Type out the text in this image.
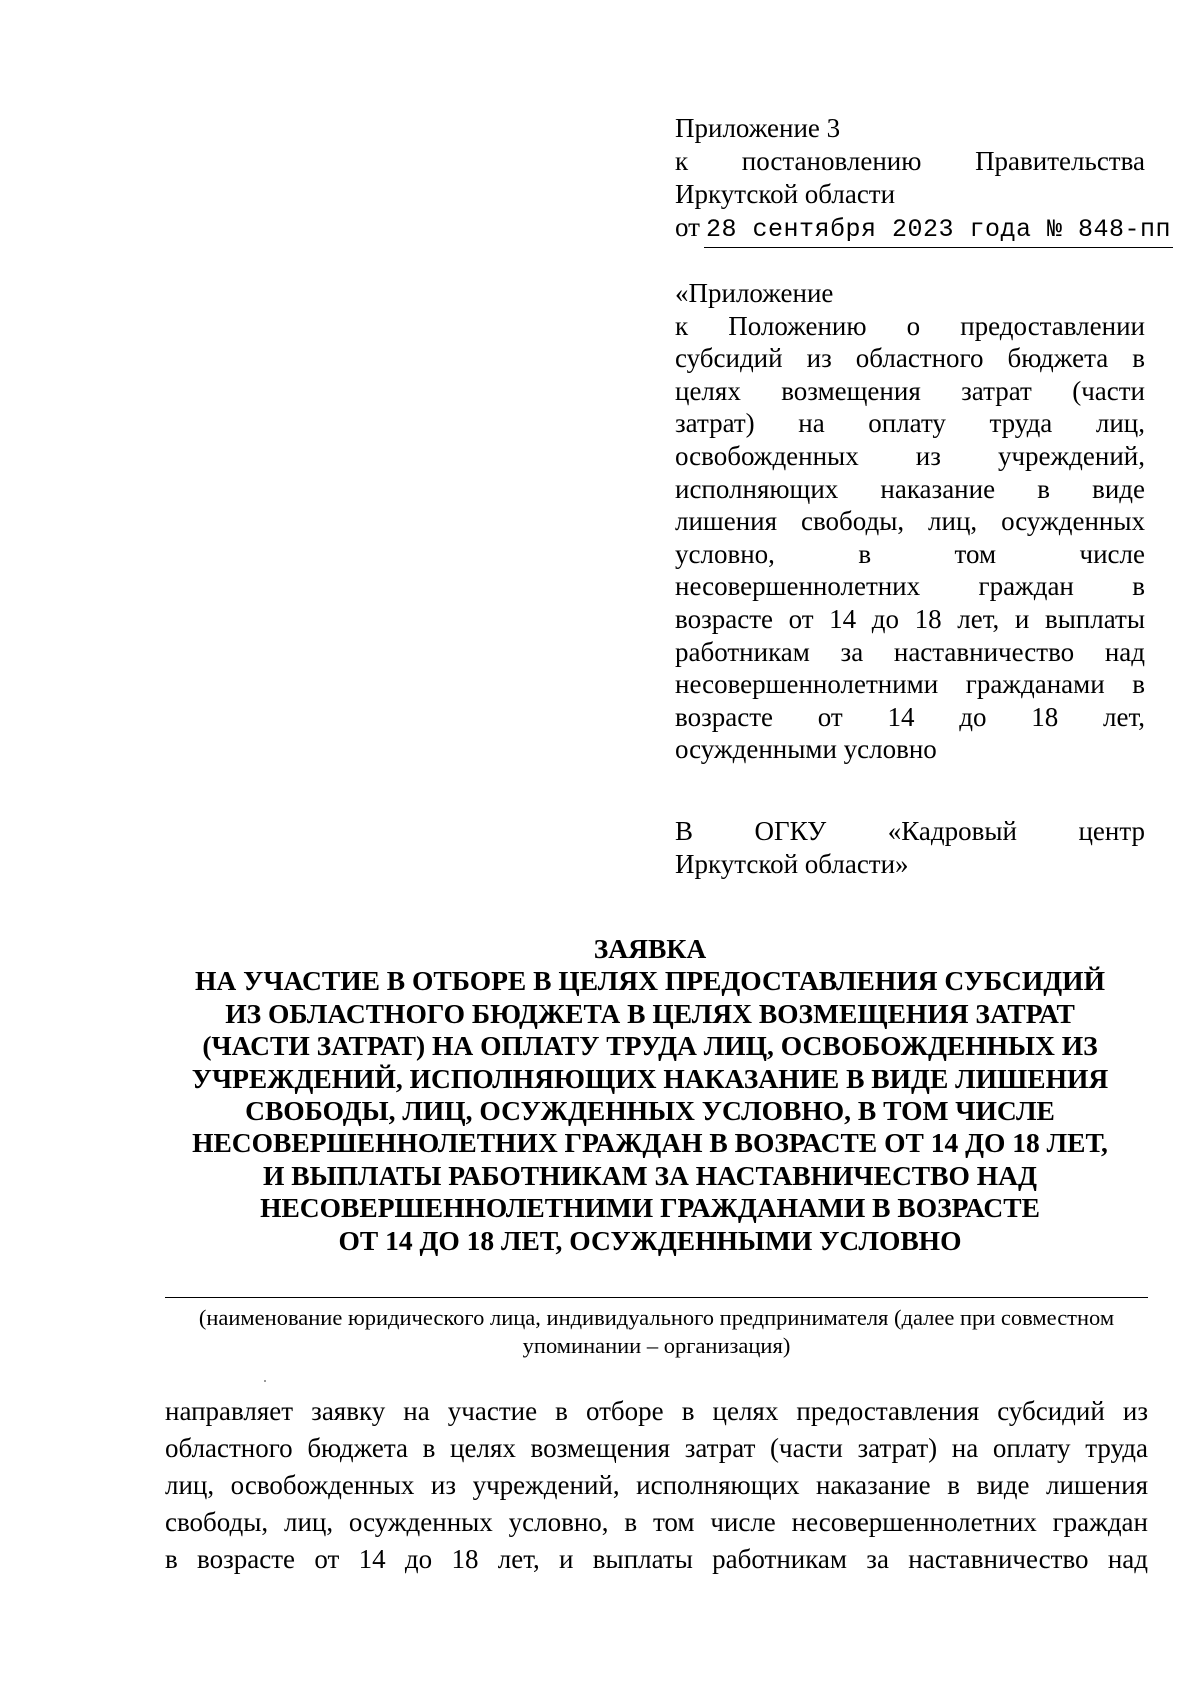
Приложение 3
к постановлению Правительства
Иркутской области
от 28 сентября 2023 года № 848-пп
«Приложение
к Положению о предоставлении
субсидий из областного бюджета в
целях возмещения затрат (части
затрат) на оплату труда лиц,
освобожденных из учреждений,
исполняющих наказание в виде
лишения свободы, лиц, осужденных
условно, в том числе
несовершеннолетних граждан в
возрасте от 14 до 18 лет, и выплаты
работникам за наставничество над
несовершеннолетними гражданами в
возрасте от 14 до 18 лет,
осужденными условно
В ОГКУ «Кадровый центр
Иркутской области»
ЗАЯВКА
НА УЧАСТИЕ В ОТБОРЕ В ЦЕЛЯХ ПРЕДОСТАВЛЕНИЯ СУБСИДИЙ
ИЗ ОБЛАСТНОГО БЮДЖЕТА В ЦЕЛЯХ ВОЗМЕЩЕНИЯ ЗАТРАТ
(ЧАСТИ ЗАТРАТ) НА ОПЛАТУ ТРУДА ЛИЦ, ОСВОБОЖДЕННЫХ ИЗ
УЧРЕЖДЕНИЙ, ИСПОЛНЯЮЩИХ НАКАЗАНИЕ В ВИДЕ ЛИШЕНИЯ
СВОБОДЫ, ЛИЦ, ОСУЖДЕННЫХ УСЛОВНО, В ТОМ ЧИСЛЕ
НЕСОВЕРШЕННОЛЕТНИХ ГРАЖДАН В ВОЗРАСТЕ ОТ 14 ДО 18 ЛЕТ,
И ВЫПЛАТЫ РАБОТНИКАМ ЗА НАСТАВНИЧЕСТВО НАД
НЕСОВЕРШЕННОЛЕТНИМИ ГРАЖДАНАМИ В ВОЗРАСТЕ
ОТ 14 ДО 18 ЛЕТ, ОСУЖДЕННЫМИ УСЛОВНО
(наименование юридического лица, индивидуального предпринимателя (далее при совместном упоминании – организация)
направляет заявку на участие в отборе в целях предоставления субсидий из
областного бюджета в целях возмещения затрат (части затрат) на оплату труда
лиц, освобожденных из учреждений, исполняющих наказание в виде лишения
свободы, лиц, осужденных условно, в том числе несовершеннолетних граждан
в возрасте от 14 до 18 лет, и выплаты работникам за наставничество над
